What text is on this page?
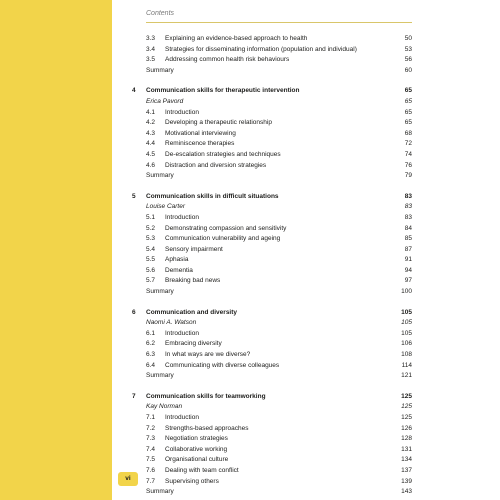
Contents
3.3 Explaining an evidence-based approach to health	50
3.4 Strategies for disseminating information (population and individual)	53
3.5 Addressing common health risk behaviours	56
Summary	60
4 Communication skills for therapeutic intervention	65
Erica Pavord	65
4.1 Introduction	65
4.2 Developing a therapeutic relationship	65
4.3 Motivational interviewing	68
4.4 Reminiscence therapies	72
4.5 De-escalation strategies and techniques	74
4.6 Distraction and diversion strategies	76
Summary	79
5 Communication skills in difficult situations	83
Louise Carter	83
5.1 Introduction	83
5.2 Demonstrating compassion and sensitivity	84
5.3 Communication vulnerability and ageing	85
5.4 Sensory impairment	87
5.5 Aphasia	91
5.6 Dementia	94
5.7 Breaking bad news	97
Summary	100
6 Communication and diversity	105
Naomi A. Watson	105
6.1 Introduction	105
6.2 Embracing diversity	106
6.3 In what ways are we diverse?	108
6.4 Communicating with diverse colleagues	114
Summary	121
7 Communication skills for teamworking	125
Kay Norman	125
7.1 Introduction	125
7.2 Strengths-based approaches	126
7.3 Negotiation strategies	128
7.4 Collaborative working	131
7.5 Organisational culture	134
7.6 Dealing with team conflict	137
7.7 Supervising others	139
Summary	143
vi
